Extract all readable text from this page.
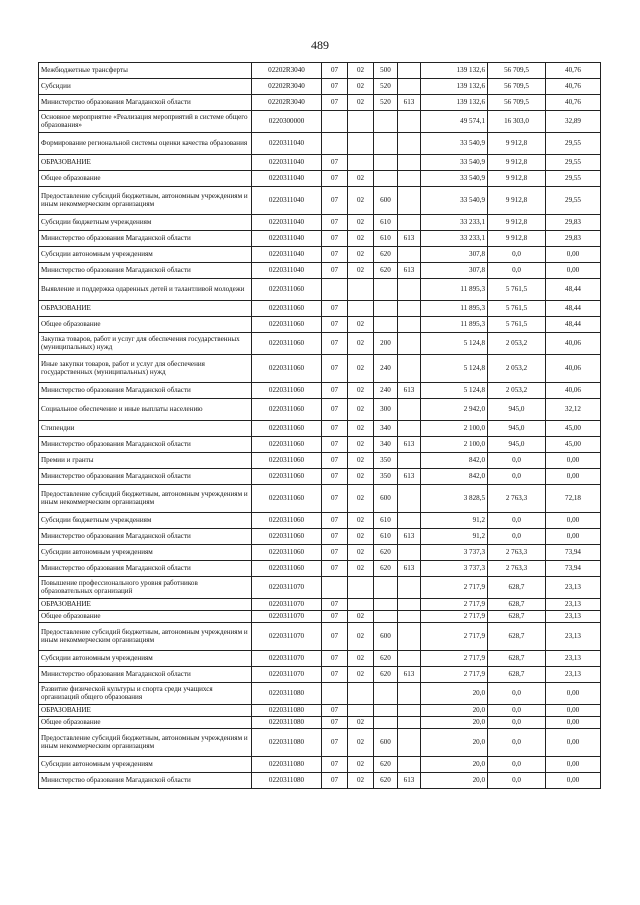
489
Межбюджетные трансферты	02202R3040	07	02	500		139 132,6	56 709,5	40,76
Субсидии	02202R3040	07	02	520		139 132,6	56 709,5	40,76
Министерство образования Магаданской области	02202R3040	07	02	520	613	139 132,6	56 709,5	40,76
Основное мероприятие «Реализация мероприятий в системе общего образования»	0220300000					49 574,1	16 303,0	32,89
Формирование региональной системы оценки качества образования	0220311040					33 540,9	9 912,8	29,55
ОБРАЗОВАНИЕ	0220311040	07				33 540,9	9 912,8	29,55
Общее образование	0220311040	07	02			33 540,9	9 912,8	29,55
Предоставление субсидий бюджетным, автономным учреждениям и иным некоммерческим организациям	0220311040	07	02	600		33 540,9	9 912,8	29,55
Субсидии бюджетным учреждениям	0220311040	07	02	610		33 233,1	9 912,8	29,83
Министерство образования Магаданской области	0220311040	07	02	610	613	33 233,1	9 912,8	29,83
Субсидии автономным учреждениям	0220311040	07	02	620		307,8	0,0	0,00
Министерство образования Магаданской области	0220311040	07	02	620	613	307,8	0,0	0,00
Выявление и поддержка одаренных детей и талантливой молодежи	0220311060					11 895,3	5 761,5	48,44
ОБРАЗОВАНИЕ	0220311060	07				11 895,3	5 761,5	48,44
Общее образование	0220311060	07	02			11 895,3	5 761,5	48,44
Закупка товаров, работ и услуг для обеспечения государственных (муниципальных) нужд	0220311060	07	02	200		5 124,8	2 053,2	40,06
Иные закупки товаров, работ и услуг для обеспечения государственных (муниципальных) нужд	0220311060	07	02	240		5 124,8	2 053,2	40,06
Министерство образования Магаданской области	0220311060	07	02	240	613	5 124,8	2 053,2	40,06
Социальное обеспечение и иные выплаты населению	0220311060	07	02	300		2 942,0	945,0	32,12
Стипендии	0220311060	07	02	340		2 100,0	945,0	45,00
Министерство образования Магаданской области	0220311060	07	02	340	613	2 100,0	945,0	45,00
Премии и гранты	0220311060	07	02	350		842,0	0,0	0,00
Министерство образования Магаданской области	0220311060	07	02	350	613	842,0	0,0	0,00
Предоставление субсидий бюджетным, автономным учреждениям и иным некоммерческим организациям	0220311060	07	02	600		3 828,5	2 763,3	72,18
Субсидии бюджетным учреждениям	0220311060	07	02	610		91,2	0,0	0,00
Министерство образования Магаданской области	0220311060	07	02	610	613	91,2	0,0	0,00
Субсидии автономным учреждениям	0220311060	07	02	620		3 737,3	2 763,3	73,94
Министерство образования Магаданской области	0220311060	07	02	620	613	3 737,3	2 763,3	73,94
Повышение профессионального уровня работников образовательных организаций	0220311070					2 717,9	628,7	23,13
ОБРАЗОВАНИЕ	0220311070	07				2 717,9	628,7	23,13
Общее образование	0220311070	07	02			2 717,9	628,7	23,13
Предоставление субсидий бюджетным, автономным учреждениям и иным некоммерческим организациям	0220311070	07	02	600		2 717,9	628,7	23,13
Субсидии автономным учреждениям	0220311070	07	02	620		2 717,9	628,7	23,13
Министерство образования Магаданской области	0220311070	07	02	620	613	2 717,9	628,7	23,13
Развитие физической культуры и спорта среди учащихся организаций общего образования	0220311080					20,0	0,0	0,00
ОБРАЗОВАНИЕ	0220311080	07				20,0	0,0	0,00
Общее образование	0220311080	07	02			20,0	0,0	0,00
Предоставление субсидий бюджетным, автономным учреждениям и иным некоммерческим организациям	0220311080	07	02	600		20,0	0,0	0,00
Субсидии автономным учреждениям	0220311080	07	02	620		20,0	0,0	0,00
Министерство образования Магаданской области	0220311080	07	02	620	613	20,0	0,0	0,00
